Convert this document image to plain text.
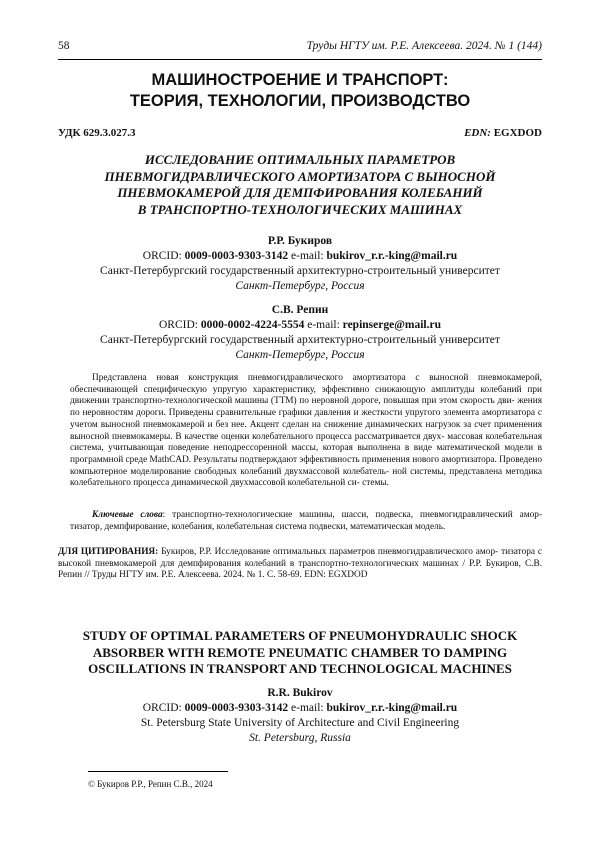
58	Труды НГТУ им. Р.Е. Алексеева. 2024. № 1 (144)
МАШИНОСТРОЕНИЕ И ТРАНСПОРТ:
ТЕОРИЯ, ТЕХНОЛОГИИ, ПРОИЗВОДСТВО
УДК 629.3.027.3	EDN: EGXDOD
ИССЛЕДОВАНИЕ ОПТИМАЛЬНЫХ ПАРАМЕТРОВ
ПНЕВМОГИДРАВЛИЧЕСКОГО АМОРТИЗАТОРА С ВЫНОСНОЙ
ПНЕВМОКАМЕРОЙ ДЛЯ ДЕМПФИРОВАНИЯ КОЛЕБАНИЙ
В ТРАНСПОРТНО-ТЕХНОЛОГИЧЕСКИХ МАШИНАХ
Р.Р. Букиров
ORCID: 0009-0003-9303-3142 e-mail: bukirov_r.r.-king@mail.ru
Санкт-Петербургский государственный архитектурно-строительный университет
Санкт-Петербург, Россия
С.В. Репин
ORCID: 0000-0002-4224-5554 e-mail: repinserge@mail.ru
Санкт-Петербургский государственный архитектурно-строительный университет
Санкт-Петербург, Россия
Представлена новая конструкция пневмогидравлического амортизатора с выносной пневмокамерой, обеспечивающей специфическую упругую характеристику, эффективно снижающую амплитуды колебаний при движении транспортно-технологической машины (ТТМ) по неровной дороге, повышая при этом скорость дви- жения по неровностям дороги. Приведены сравнительные графики давления и жесткости упругого элемента амортизатора с учетом выносной пневмокамерой и без нее. Акцент сделан на снижение динамических нагрузок за счет применения выносной пневмокамеры. В качестве оценки колебательного процесса рассматривается двух- массовая колебательная система, учитывающая поведение неподрессоренной массы, которая выполнена в виде математической модели в программной среде MathCAD. Результаты подтверждают эффективность применения нового амортизатора. Проведено компьютерное моделирование свободных колебаний двухмассовой колебатель- ной системы, представлена методика колебательного процесса динамической двухмассовой колебательной си- стемы.
Ключевые слова: транспортно-технологические машины, шасси, подвеска, пневмогидравлический амор- тизатор, демпфирование, колебания, колебательная система подвески, математическая модель.
ДЛЯ ЦИТИРОВАНИЯ: Букиров, Р.Р. Исследование оптимальных параметров пневмогидравлического амор- тизатора с высокой пневмокамерой для демпфирования колебаний в транспортно-технологических машинах / Р.Р. Букиров, С.В. Репин // Труды НГТУ им. Р.Е. Алексеева. 2024. № 1. С. 58-69. EDN: EGXDOD
STUDY OF OPTIMAL PARAMETERS OF PNEUMOHYDRAULIC SHOCK
ABSORBER WITH REMOTE PNEUMATIC CHAMBER TO DAMPING
OSCILLATIONS IN TRANSPORT AND TECHNOLOGICAL MACHINES
R.R. Bukirov
ORCID: 0009-0003-9303-3142 e-mail: bukirov_r.r.-king@mail.ru
St. Petersburg State University of Architecture and Civil Engineering
St. Petersburg, Russia
© Букиров Р.Р., Репин С.В., 2024
